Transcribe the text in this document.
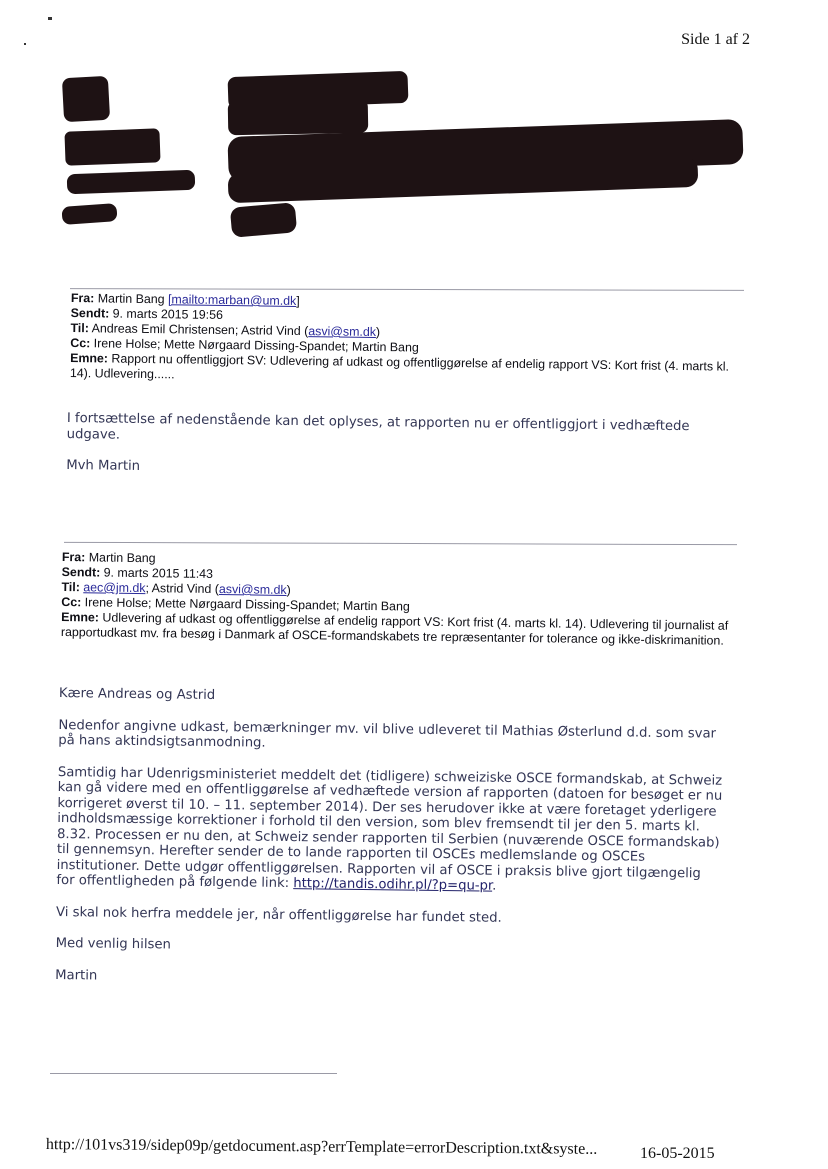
Side 1 af 2
Fra: Martin Bang [mailto:marban@um.dk]
Sendt: 9. marts 2015 19:56
Til: Andreas Emil Christensen; Astrid Vind (asvi@sm.dk)
Cc: Irene Holse; Mette Nørgaard Dissing-Spandet; Martin Bang
Emne: Rapport nu offentliggjort SV: Udlevering af udkast og offentliggørelse af endelig rapport VS: Kort frist (4. marts kl. 14). Udlevering......
I fortsættelse af nedenstående kan det oplyses, at rapporten nu er offentliggjort i vedhæftede udgave.
Mvh Martin
Fra: Martin Bang
Sendt: 9. marts 2015 11:43
Til: aec@jm.dk; Astrid Vind (asvi@sm.dk)
Cc: Irene Holse; Mette Nørgaard Dissing-Spandet; Martin Bang
Emne: Udlevering af udkast og offentliggørelse af endelig rapport VS: Kort frist (4. marts kl. 14). Udlevering til journalist af rapportudkast mv. fra besøg i Danmark af OSCE-formandskabets tre repræsentanter for tolerance og ikke-diskrimanition.
Kære Andreas og Astrid
Nedenfor angivne udkast, bemærkninger mv. vil blive udleveret til Mathias Østerlund d.d. som svar på hans aktindsigtsanmodning.
Samtidig har Udenrigsministeriet meddelt det (tidligere) schweiziske OSCE formandskab, at Schweiz kan gå videre med en offentliggørelse af vedhæftede version af rapporten (datoen for besøget er nu korrigeret øverst til 10. – 11. september 2014). Der ses herudover ikke at være foretaget yderligere indholdsmæssige korrektioner i forhold til den version, som blev fremsendt til jer den 5. marts kl. 8.32. Processen er nu den, at Schweiz sender rapporten til Serbien (nuværende OSCE formandskab) til gennemsyn. Herefter sender de to lande rapporten til OSCEs medlemslande og OSCEs institutioner. Dette udgør offentliggørelsen. Rapporten vil af OSCE i praksis blive gjort tilgængelig for offentligheden på følgende link: http://tandis.odihr.pl/?p=qu-pr.
Vi skal nok herfra meddele jer, når offentliggørelse har fundet sted.
Med venlig hilsen
Martin
http://101vs319/sidep09p/getdocument.asp?errTemplate=errorDescription.txt&syste...	16-05-2015
